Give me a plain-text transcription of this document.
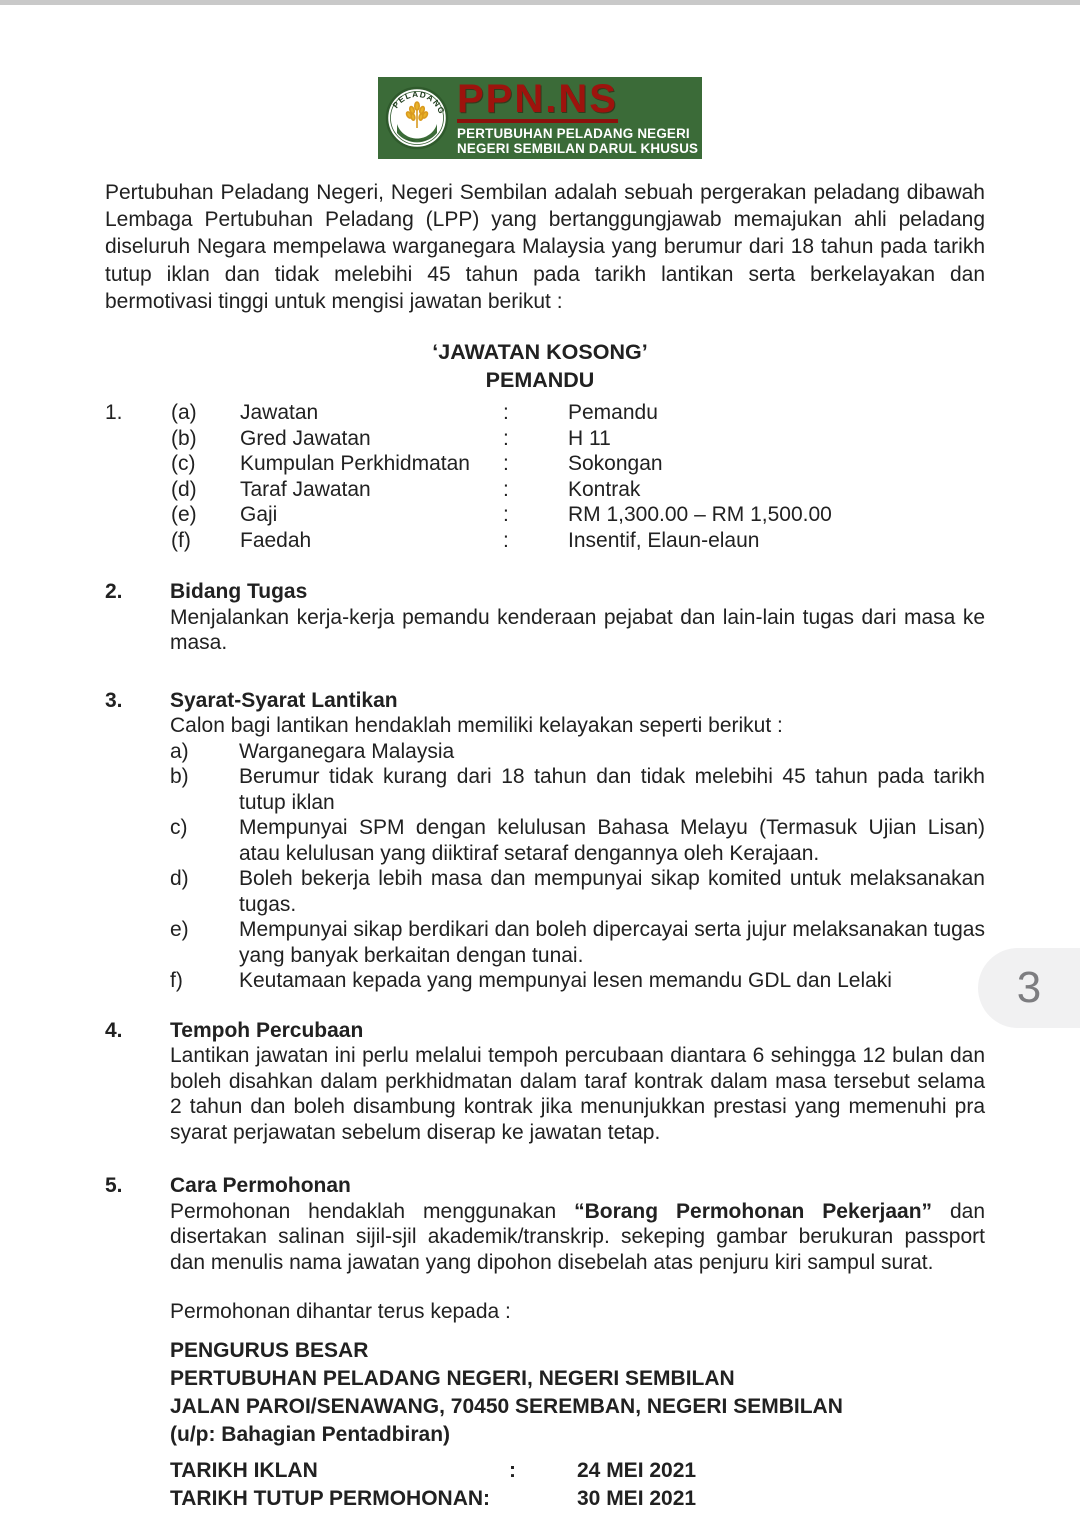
PELADANG PPN.NS
PERTUBUHAN PELADANG NEGERI
NEGERI SEMBILAN DARUL KHUSUS

Pertubuhan Peladang Negeri, Negeri Sembilan adalah sebuah pergerakan peladang dibawah Lembaga Pertubuhan Peladang (LPP) yang bertanggungjawab memajukan ahli peladang diseluruh Negara mempelawa warganegara Malaysia yang berumur dari 18 tahun pada tarikh tutup iklan dan tidak melebihi 45 tahun pada tarikh lantikan serta berkelayakan dan bermotivasi tinggi untuk mengisi jawatan berikut :

‘JAWATAN KOSONG’
PEMANDU
1.	(a)	Jawatan	:	Pemandu
(b)	Gred Jawatan	:	H 11
(c)	Kumpulan Perkhidmatan	:	Sokongan
(d)	Taraf Jawatan	:	Kontrak
(e)	Gaji	:	RM 1,300.00 – RM 1,500.00
(f)	Faedah	:	Insentif, Elaun-elaun
2.	Bidang Tugas
Menjalankan kerja-kerja pemandu kenderaan pejabat dan lain-lain tugas dari masa ke masa.
3.	Syarat-Syarat Lantikan
Calon bagi lantikan hendaklah memiliki kelayakan seperti berikut :
a)	Warganegara Malaysia
b)	Berumur tidak kurang dari 18 tahun dan tidak melebihi 45 tahun pada tarikh tutup iklan
c)	Mempunyai SPM dengan kelulusan Bahasa Melayu (Termasuk Ujian Lisan) atau kelulusan yang diiktiraf setaraf dengannya oleh Kerajaan.
d)	Boleh bekerja lebih masa dan mempunyai sikap komited untuk melaksanakan tugas.
e)	Mempunyai sikap berdikari dan boleh dipercayai serta jujur melaksanakan tugas yang banyak berkaitan dengan tunai.
f)	Keutamaan kepada yang mempunyai lesen memandu GDL dan Lelaki
4.	Tempoh Percubaan
Lantikan jawatan ini perlu melalui tempoh percubaan diantara 6 sehingga 12 bulan dan boleh disahkan dalam perkhidmatan dalam taraf kontrak dalam masa tersebut selama 2 tahun dan boleh disambung kontrak jika menunjukkan prestasi yang memenuhi pra syarat perjawatan sebelum diserap ke jawatan tetap.
5.	Cara Permohonan
Permohonan hendaklah menggunakan “Borang Permohonan Pekerjaan” dan disertakan salinan sijil-sjil akademik/transkrip. sekeping gambar berukuran passport dan menulis nama jawatan yang dipohon disebelah atas penjuru kiri sampul surat.

Permohonan dihantar terus kepada :

PENGURUS BESAR
PERTUBUHAN PELADANG NEGERI, NEGERI SEMBILAN
JALAN PAROI/SENAWANG, 70450 SEREMBAN, NEGERI SEMBILAN
(u/p: Bahagian Pentadbiran)
TARIKH IKLAN	:	24 MEI 2021
TARIKH TUTUP PERMOHONAN:	30 MEI 2021
3
